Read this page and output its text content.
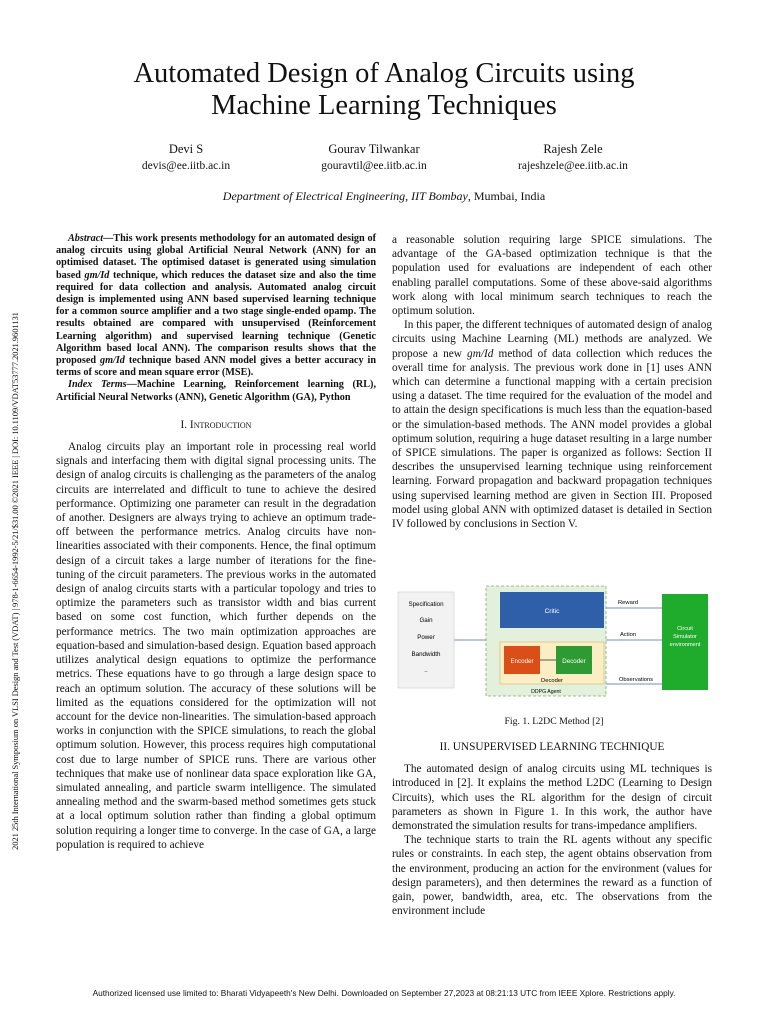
Automated Design of Analog Circuits using
Machine Learning Techniques
Devi S
devis@ee.iitb.ac.in
Gourav Tilwankar
gouravtil@ee.iitb.ac.in
Rajesh Zele
rajeshzele@ee.iitb.ac.in
Department of Electrical Engineering, IIT Bombay, Mumbai, India
2021 25th International Symposium on VLSI Design and Test (VDAT) | 978-1-6654-1992-5/21/$31.00 ©2021 IEEE | DOI: 10.1109/VDAT53777.2021.9601131

Abstract—This work presents methodology for an automated design of analog circuits using global Artificial Neural Network (ANN) for an optimised dataset. The optimised dataset is generated using simulation based gm/Id technique, which reduces the dataset size and also the time required for data collection and analysis. Automated analog circuit design is implemented using ANN based supervised learning technique for a common source amplifier and a two stage single-ended opamp. The results obtained are compared with unsupervised (Reinforcement Learning algorithm) and supervised learning technique (Genetic Algorithm based local ANN). The comparison results shows that the proposed gm/Id technique based ANN model gives a better accuracy in terms of score and mean square error (MSE).

Index Terms—Machine Learning, Reinforcement learning (RL), Artificial Neural Networks (ANN), Genetic Algorithm (GA), Python

I. Introduction

Analog circuits play an important role in processing real world signals and interfacing them with digital signal processing units. The design of analog circuits is challenging as the parameters of the analog circuits are interrelated and difficult to tune to achieve the desired performance. Optimizing one parameter can result in the degradation of another. Designers are always trying to achieve an optimum trade-off between the performance metrics. Analog circuits have non-linearities associated with their components. Hence, the final optimum design of a circuit takes a large number of iterations for the fine-tuning of the circuit parameters. The previous works in the automated design of analog circuits starts with a particular topology and tries to optimize the parameters such as transistor width and bias current based on some cost function, which further depends on the performance metrics. The two main optimization approaches are equation-based and simulation-based design. Equation based approach utilizes analytical design equations to optimize the performance metrics. These equations have to go through a large design space to reach an optimum solution. The accuracy of these solutions will be limited as the equations considered for the optimization will not account for the device non-linearities. The simulation-based approach works in conjunction with the SPICE simulations, to reach the global optimum solution. However, this process requires high computational cost due to large number of SPICE runs. There are various other techniques that make use of nonlinear data space exploration like GA, simulated annealing, and particle swarm intelligence. The simulated annealing method and the swarm-based method sometimes gets stuck at a local optimum solution rather than finding a global optimum solution requiring a longer time to converge. In the case of GA, a large population is required to achieve

a reasonable solution requiring large SPICE simulations. The advantage of the GA-based optimization technique is that the population used for evaluations are independent of each other enabling parallel computations. Some of these above-said algorithms work along with local minimum search techniques to reach the optimum solution.

In this paper, the different techniques of automated design of analog circuits using Machine Learning (ML) methods are analyzed. We propose a new gm/Id method of data collection which reduces the overall time for analysis. The previous work done in [1] uses ANN which can determine a functional mapping with a certain precision using a dataset. The time required for the evaluation of the model and to attain the design specifications is much less than the equation-based or the simulation-based methods. The ANN model provides a global optimum solution, requiring a huge dataset resulting in a large number of SPICE simulations. The paper is organized as follows: Section II describes the unsupervised learning technique using reinforcement learning. Forward propagation and backward propagation techniques using supervised learning method are given in Section III. Proposed model using global ANN with optimized dataset is detailed in Section IV followed by conclusions in Section V.

Specification
Gain
Power
Bandwidth
..
Critic
Encoder	Decoder
Decoder
DDPG Agent
Circuit
Simulator
environment
Reward
Action
Observations
Fig. 1. L2DC Method [2]
II. UNSUPERVISED LEARNING TECHNIQUE

The automated design of analog circuits using ML techniques is introduced in [2]. It explains the method L2DC (Learning to Design Circuits), which uses the RL algorithm for the design of circuit parameters as shown in Figure 1. In this work, the author have demonstrated the simulation results for trans-impedance amplifiers.

The technique starts to train the RL agents without any specific rules or constraints. In each step, the agent obtains observation from the environment, producing an action for the environment (values for design parameters), and then determines the reward as a function of gain, power, bandwidth, area, etc. The observations from the environment include

Authorized licensed use limited to: Bharati Vidyapeeth's New Delhi. Downloaded on September 27,2023 at 08:21:13 UTC from IEEE Xplore. Restrictions apply.
